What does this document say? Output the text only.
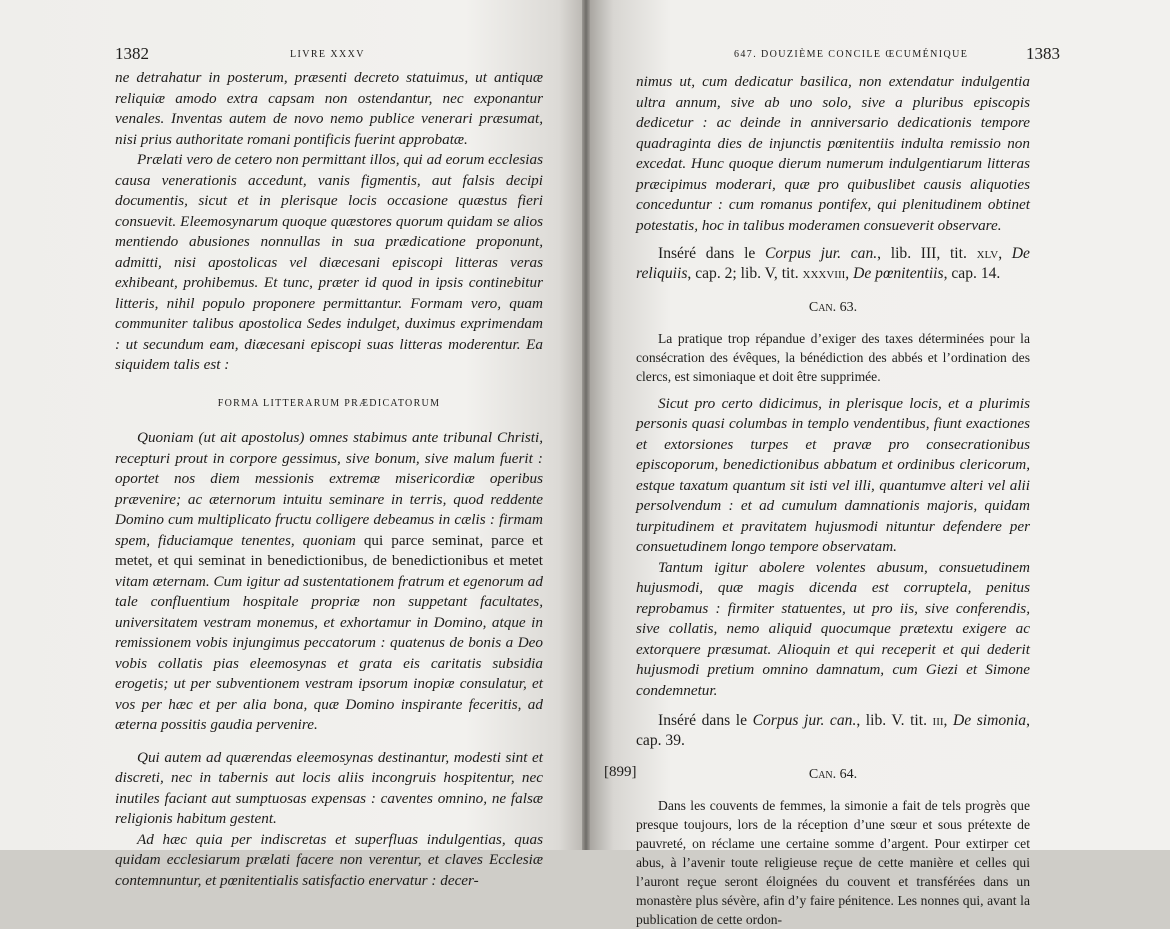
1382	LIVRE XXXV

ne detrahatur in posterum, præsenti decreto statuimus, ut antiquæ reliquiæ amodo extra capsam non ostendantur, nec exponantur venales. Inventas autem de novo nemo publice venerari præsumat, nisi prius authoritate romani pontificis fuerint approbatæ.

Prælati vero de cetero non permittant illos, qui ad eorum ecclesias causa venerationis accedunt, vanis figmentis, aut falsis decipi documentis, sicut et in plerisque locis occasione quæstus fieri consuevit. Eleemosynarum quoque quæstores quorum quidam se alios mentiendo abusiones nonnullas in sua prædicatione proponunt, admitti, nisi apostolicas vel diæcesani episcopi litteras veras exhibeant, prohibemus. Et tunc, præter id quod in ipsis continebitur litteris, nihil populo proponere permittantur. Formam vero, quam communiter talibus apostolica Sedes indulget, duximus exprimendam : ut secundum eam, diæcesani episcopi suas litteras moderentur. Ea siquidem talis est :

FORMA LITTERARUM PRÆDICATORUM

Quoniam (ut ait apostolus) omnes stabimus ante tribunal Christi, recepturi prout in corpore gessimus, sive bonum, sive malum fuerit : oportet nos diem messionis extremæ misericordiæ operibus prævenire; ac æternorum intuitu seminare in terris, quod reddente Domino cum multiplicato fructu colligere debeamus in cælis : firmam spem, fiduciamque tenentes, quoniam qui parce seminat, parce et metet, et qui seminat in benedictionibus, de benedictionibus et metet vitam æternam. Cum igitur ad sustentationem fratrum et egenorum ad tale confluentium hospitale propriæ non suppetant facultates, universitatem vestram monemus, et exhortamur in Domino, atque in remissionem vobis injungimus peccatorum : quatenus de bonis a Deo vobis collatis pias eleemosynas et grata eis caritatis subsidia erogetis; ut per subventionem vestram ipsorum inopiæ consulatur, et vos per hæc et per alia bona, quæ Domino inspirante feceritis, ad æterna possitis gaudia pervenire.

Qui autem ad quærendas eleemosynas destinantur, modesti sint et discreti, nec in tabernis aut locis aliis incongruis hospitentur, nec inutiles faciant aut sumptuosas expensas : caventes omnino, ne falsæ religionis habitum gestent.

Ad hæc quia per indiscretas et superfluas indulgentias, quas quidam ecclesiarum prælati facere non verentur, et claves Ecclesiæ contemnuntur, et pœnitentialis satisfactio enervatur : decer-

647. DOUZIÈME CONCILE ŒCUMÉNIQUE	1383

nimus ut, cum dedicatur basilica, non extendatur indulgentia ultra annum, sive ab uno solo, sive a pluribus episcopis dedicetur : ac deinde in anniversario dedicationis tempore quadraginta dies de injunctis pœnitentiis indulta remissio non excedat. Hunc quoque dierum numerum indulgentiarum litteras præcipimus moderari, quæ pro quibuslibet causis aliquoties conceduntur : cum romanus pontifex, qui plenitudinem obtinet potestatis, hoc in talibus moderamen consueverit observare.

Inséré dans le Corpus jur. can., lib. III, tit. xlv, De reliquiis, cap. 2; lib. V, tit. xxxviii, De pœnitentiis, cap. 14.

Can. 63.

La pratique trop répandue d’exiger des taxes déterminées pour la consécration des évêques, la bénédiction des abbés et l’ordination des clercs, est simoniaque et doit être supprimée.

Sicut pro certo didicimus, in plerisque locis, et a plurimis personis quasi columbas in templo vendentibus, fiunt exactiones et extorsiones turpes et pravæ pro consecrationibus episcoporum, benedictionibus abbatum et ordinibus clericorum, estque taxatum quantum sit isti vel illi, quantumve alteri vel alii persolvendum : et ad cumulum damnationis majoris, quidam turpitudinem et pravitatem hujusmodi nituntur defendere per consuetudinem longo tempore observatam.

Tantum igitur abolere volentes abusum, consuetudinem hujusmodi, quæ magis dicenda est corruptela, penitus reprobamus : firmiter statuentes, ut pro iis, sive conferendis, sive collatis, nemo aliquid quocumque prætextu exigere ac extorquere præsumat. Alioquin et qui receperit et qui dederit hujusmodi pretium omnino damnatum, cum Giezi et Simone condemnetur.

Inséré dans le Corpus jur. can., lib. V. tit. iii, De simonia, cap. 39.

Can. 64.

Dans les couvents de femmes, la simonie a fait de tels progrès que presque toujours, lors de la réception d’une sœur et sous prétexte de pauvreté, on réclame une certaine somme d’argent. Pour extirper cet abus, à l’avenir toute religieuse reçue de cette manière et celles qui l’auront reçue seront éloignées du couvent et transférées dans un monastère plus sévère, afin d’y faire pénitence. Les nonnes qui, avant la publication de cette ordon-

[899]
